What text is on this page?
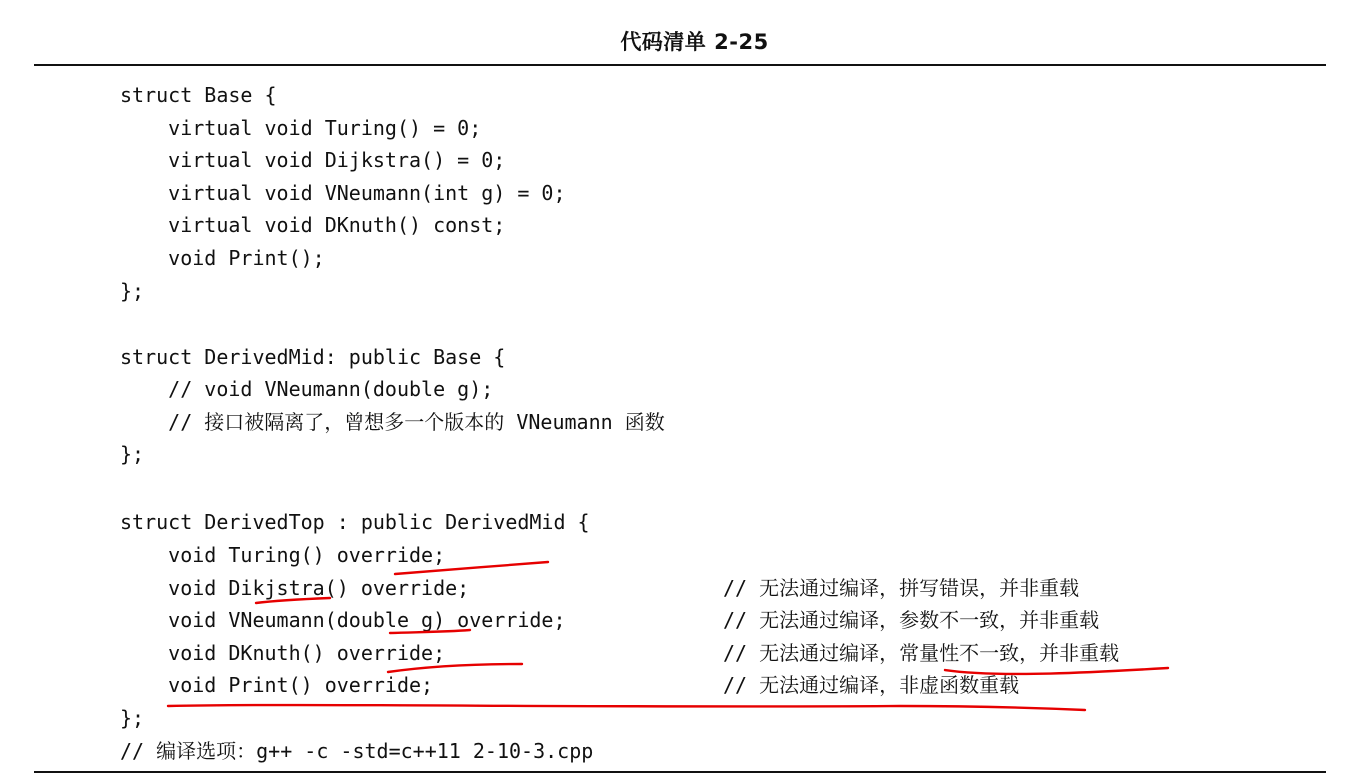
代码清单 2-25
struct Base {
virtual void Turing() = 0;
virtual void Dijkstra() = 0;
virtual void VNeumann(int g) = 0;
virtual void DKnuth() const;
void Print();
};
struct DerivedMid: public Base {
// void VNeumann(double g);
// 接口被隔离了，曾想多一个版本的 VNeumann 函数
};
struct DerivedTop : public DerivedMid {
void Turing() override;
void Dikjstra() override;
void VNeumann(double g) override;
void DKnuth() override;
void Print() override;
};
// 编译选项：g++ -c -std=c++11 2-10-3.cpp
// 无法通过编译，拼写错误，并非重载
// 无法通过编译，参数不一致，并非重载
// 无法通过编译，常量性不一致，并非重载
// 无法通过编译，非虚函数重载
